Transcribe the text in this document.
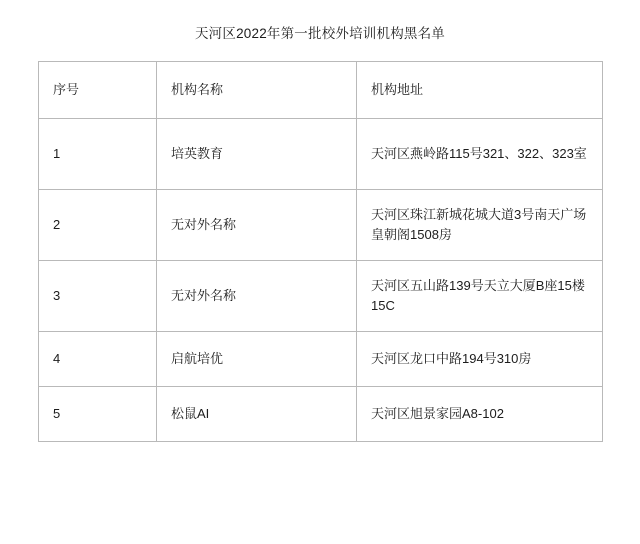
天河区2022年第一批校外培训机构黑名单
序号	机构名称	机构地址
1	培英教育	天河区燕岭路115号321、322、323室

2	无对外名称	天河区珠江新城花城大道3号南天广场皇朝阁1508房

3	无对外名称	天河区五山路139号天立大厦B座15楼15C

4	启航培优	天河区龙口中路194号310房

5	松鼠AI	天河区旭景家园A8-102
